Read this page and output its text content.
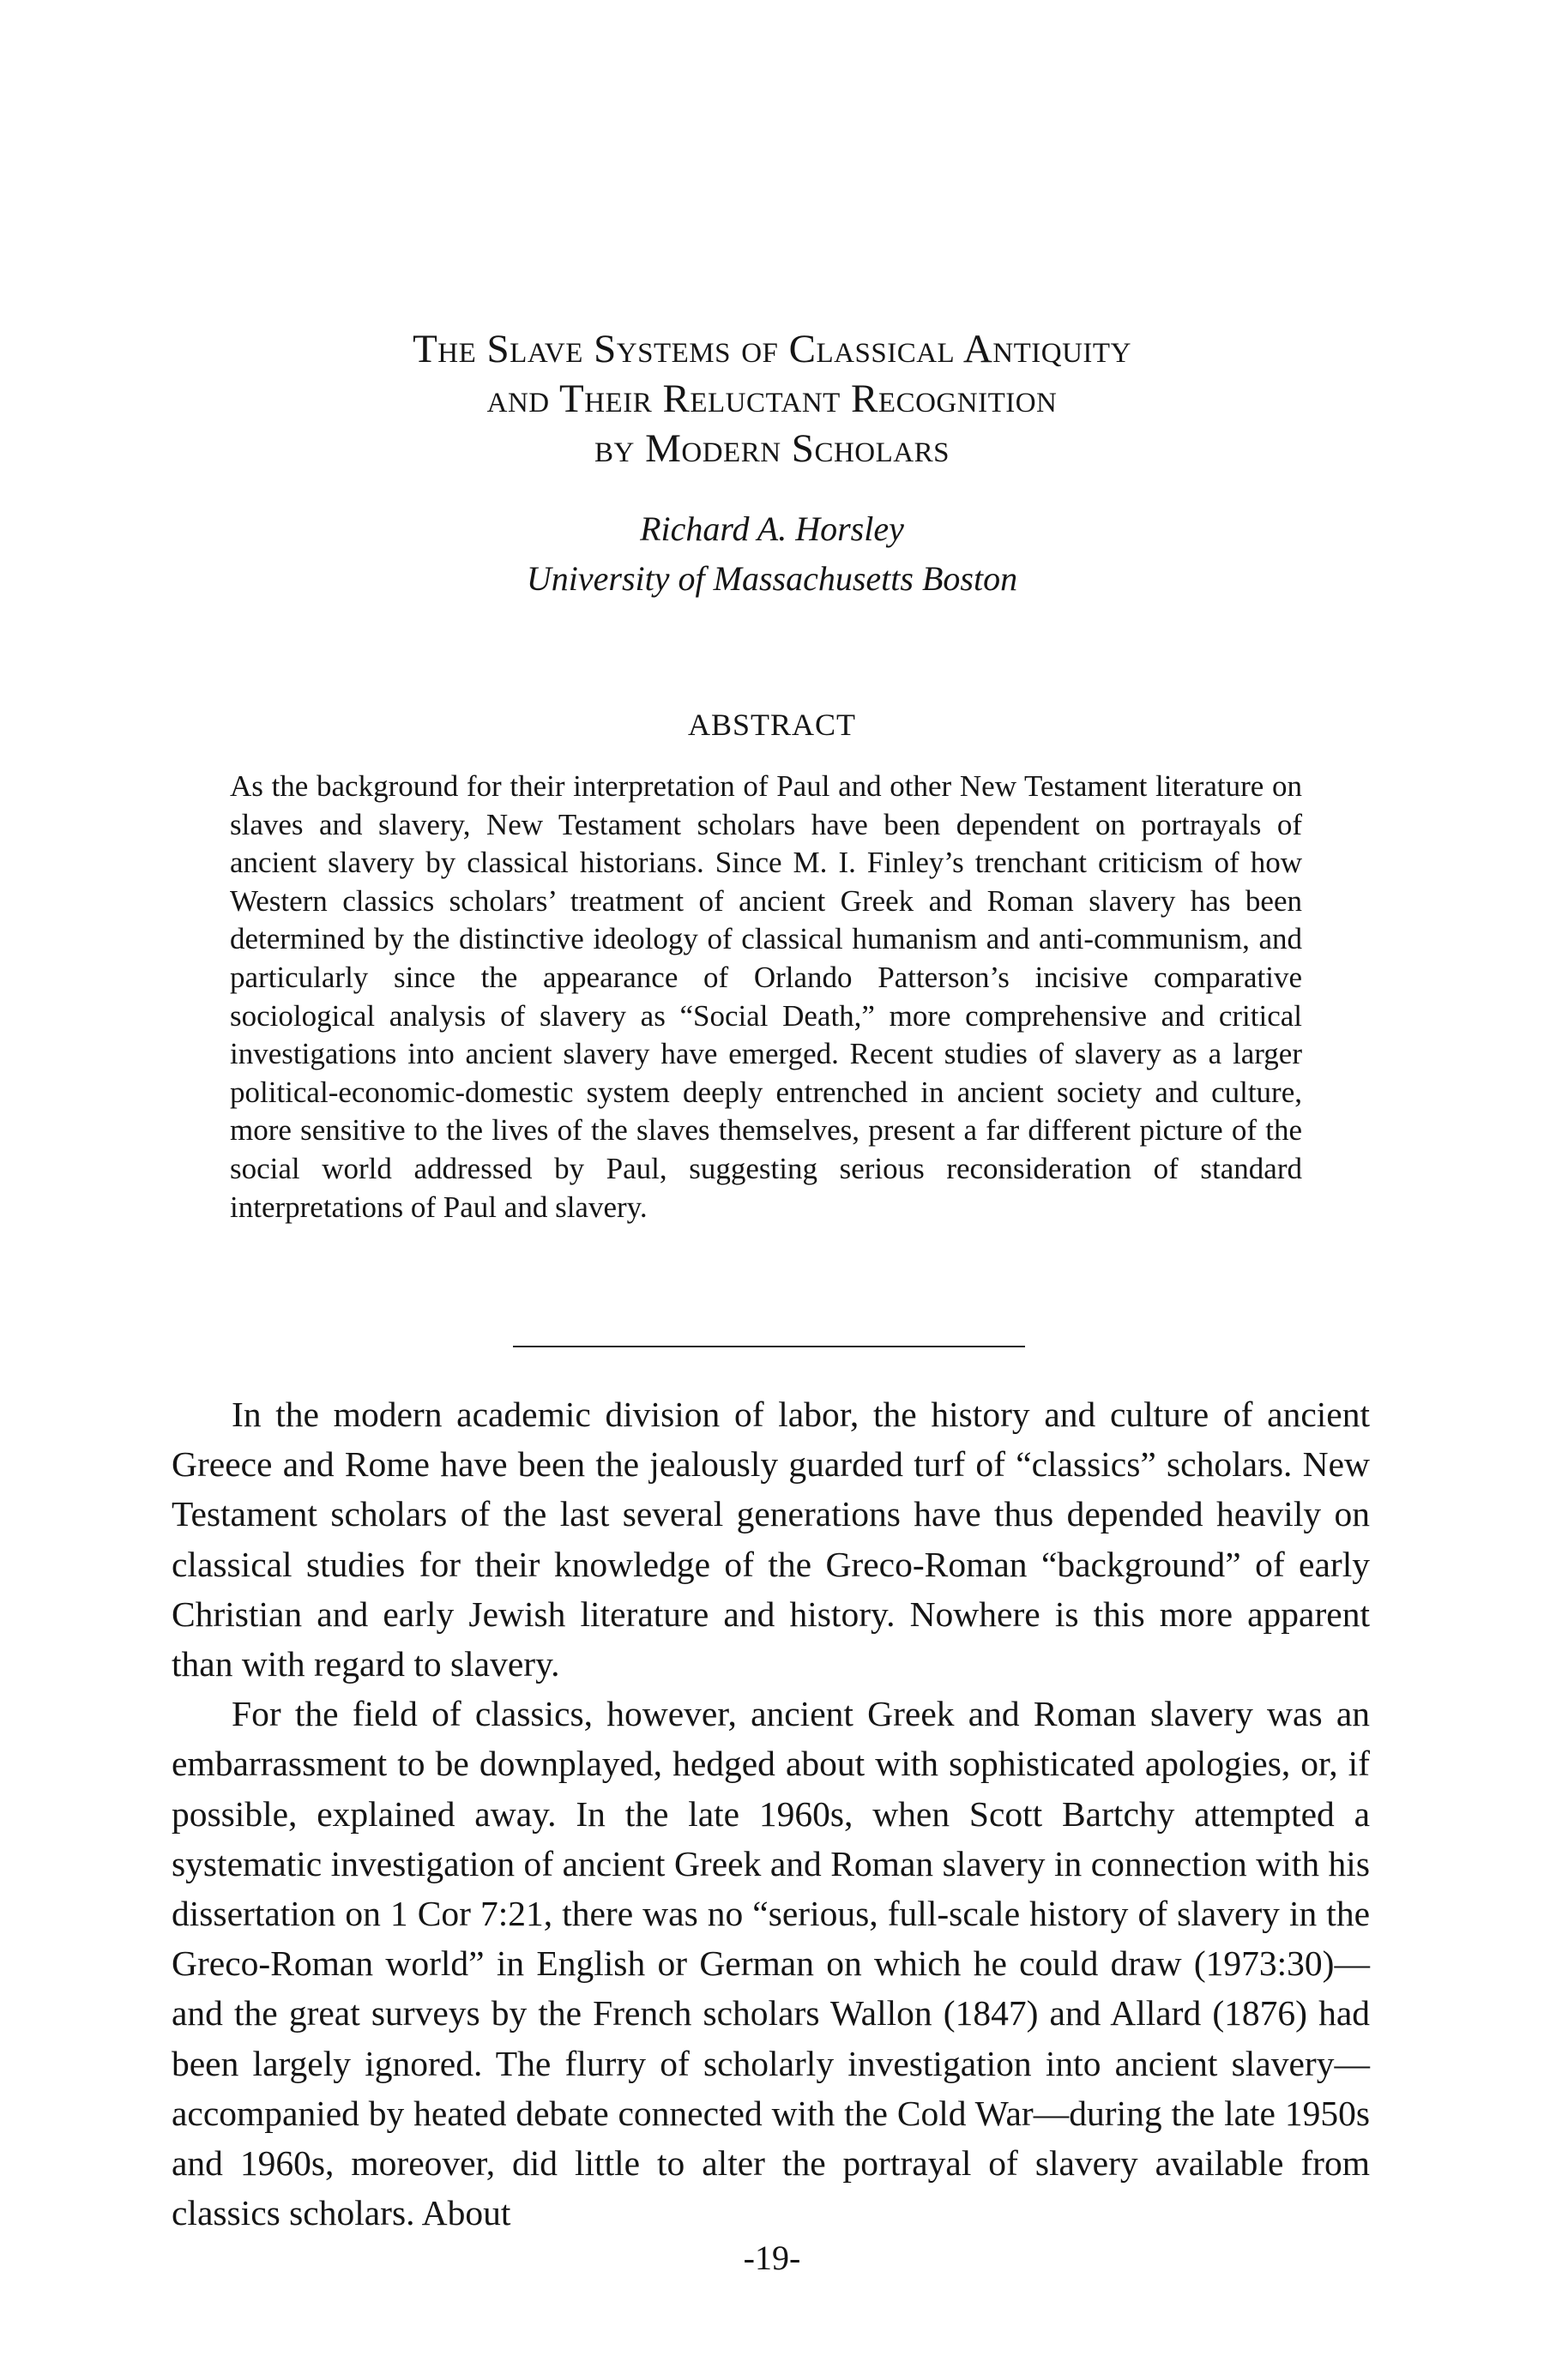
The Slave Systems of Classical Antiquity
and Their Reluctant Recognition
by Modern Scholars
Richard A. Horsley
University of Massachusetts Boston
ABSTRACT

As the background for their interpretation of Paul and other New Testament literature on slaves and slavery, New Testament scholars have been dependent on portrayals of ancient slavery by classical historians. Since M. I. Finley’s trenchant criticism of how Western classics scholars’ treatment of ancient Greek and Roman slavery has been determined by the distinctive ideology of classical humanism and anti-communism, and particularly since the appearance of Orlando Patterson’s incisive comparative sociological analysis of slavery as “Social Death,” more comprehensive and critical investigations into ancient slavery have emerged. Recent studies of slavery as a larger political-economic-domestic system deeply entrenched in ancient society and culture, more sensitive to the lives of the slaves themselves, present a far different picture of the social world addressed by Paul, suggesting serious reconsideration of standard interpretations of Paul and slavery.

In the modern academic division of labor, the history and culture of ancient Greece and Rome have been the jealously guarded turf of “classics” scholars. New Testament scholars of the last several generations have thus depended heavily on classical studies for their knowledge of the Greco-Roman “background” of early Christian and early Jewish literature and history. Nowhere is this more apparent than with regard to slavery.

For the field of classics, however, ancient Greek and Roman slavery was an embarrassment to be downplayed, hedged about with sophisticated apologies, or, if possible, explained away. In the late 1960s, when Scott Bartchy attempted a systematic investigation of ancient Greek and Roman slavery in connection with his dissertation on 1 Cor 7:21, there was no “serious, full-scale history of slavery in the Greco-Roman world” in English or German on which he could draw (1973:30)—and the great surveys by the French scholars Wallon (1847) and Allard (1876) had been largely ignored. The flurry of scholarly investigation into ancient slavery—accompanied by heated debate connected with the Cold War—during the late 1950s and 1960s, moreover, did little to alter the portrayal of slavery available from classics scholars. About

-19-
